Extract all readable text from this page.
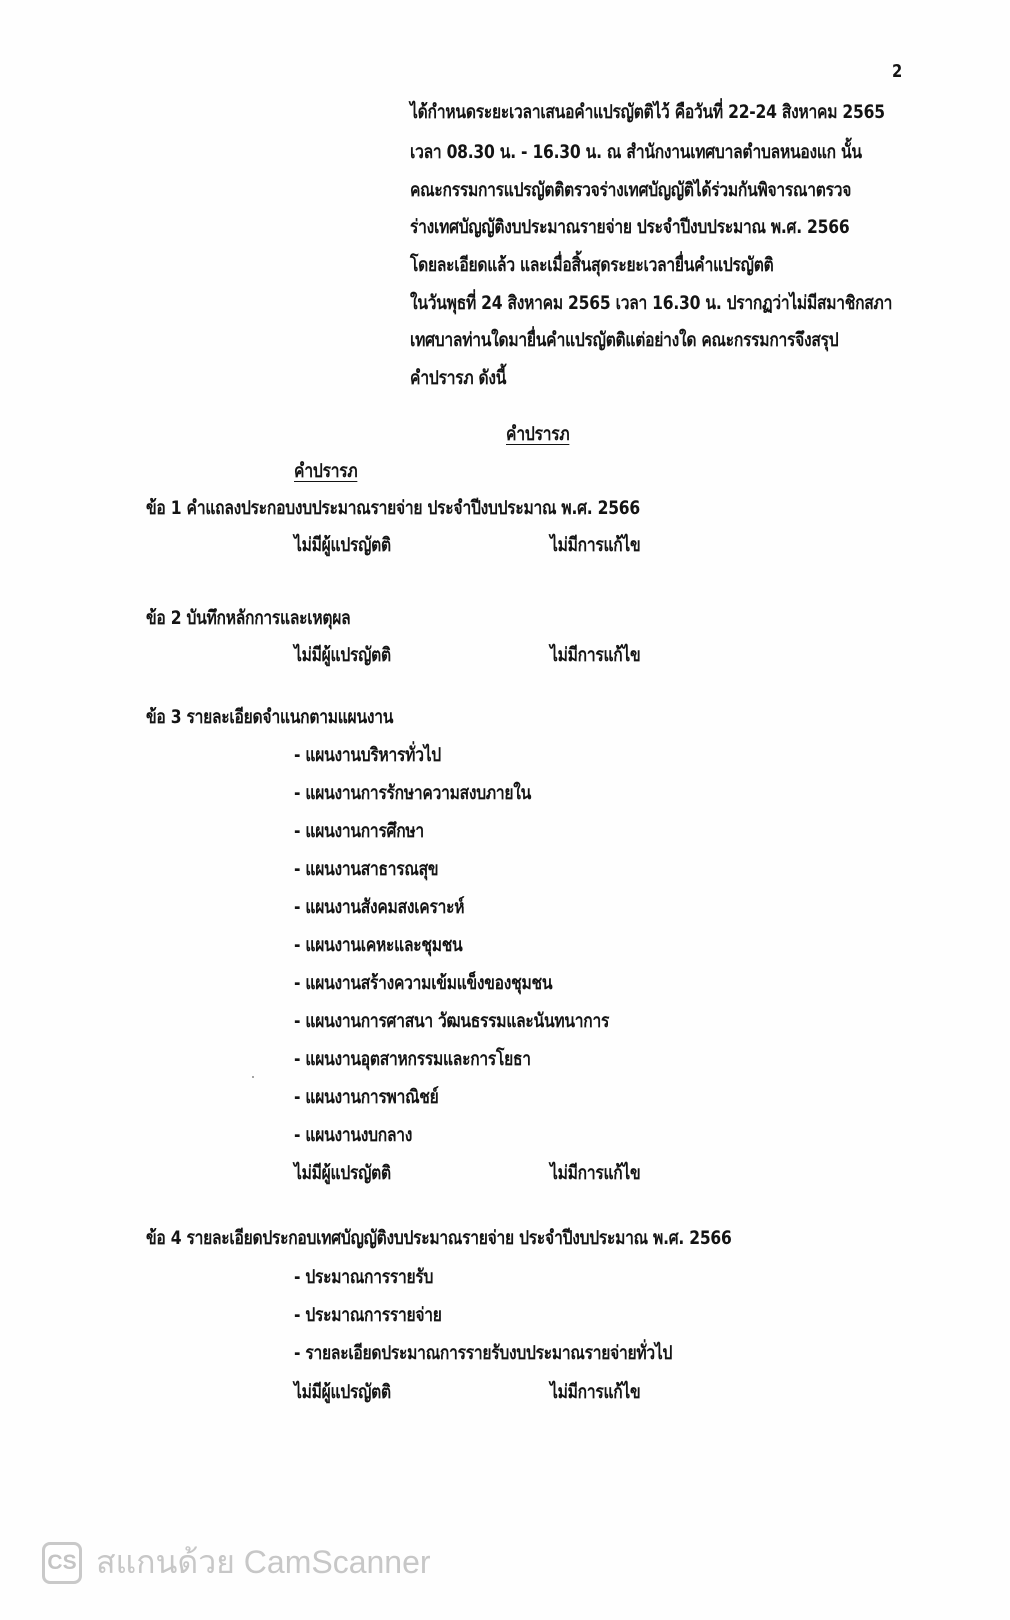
2
ได้กำหนดระยะเวลาเสนอคำแปรญัตติไว้ คือวันที่ 22-24 สิงหาคม 2565
เวลา 08.30 น. - 16.30 น. ณ สำนักงานเทศบาลตำบลหนองแก นั้น
คณะกรรมการแปรญัตติตรวจร่างเทศบัญญัติได้ร่วมกันพิจารณาตรวจ
ร่างเทศบัญญัติงบประมาณรายจ่าย ประจำปีงบประมาณ พ.ศ. 2566
โดยละเอียดแล้ว และเมื่อสิ้นสุดระยะเวลายื่นคำแปรญัตติ
ในวันพุธที่ 24 สิงหาคม 2565 เวลา 16.30 น. ปรากฏว่าไม่มีสมาชิกสภา
เทศบาลท่านใดมายื่นคำแปรญัตติแต่อย่างใด คณะกรรมการจึงสรุป
คำปรารภ ดังนี้
คำปรารภ
คำปรารภ
ข้อ 1 คำแถลงประกอบงบประมาณรายจ่าย ประจำปีงบประมาณ พ.ศ. 2566
ไม่มีผู้แปรญัตติ	ไม่มีการแก้ไข
ข้อ 2 บันทึกหลักการและเหตุผล
ไม่มีผู้แปรญัตติ	ไม่มีการแก้ไข
ข้อ 3 รายละเอียดจำแนกตามแผนงาน
- แผนงานบริหารทั่วไป
- แผนงานการรักษาความสงบภายใน
- แผนงานการศึกษา
- แผนงานสาธารณสุข
- แผนงานสังคมสงเคราะห์
- แผนงานเคหะและชุมชน
- แผนงานสร้างความเข้มแข็งของชุมชน
- แผนงานการศาสนา วัฒนธรรมและนันทนาการ
- แผนงานอุตสาหกรรมและการโยธา
- แผนงานการพาณิชย์
- แผนงานงบกลาง
ไม่มีผู้แปรญัตติ	ไม่มีการแก้ไข
ข้อ 4 รายละเอียดประกอบเทศบัญญัติงบประมาณรายจ่าย ประจำปีงบประมาณ พ.ศ. 2566
- ประมาณการรายรับ
- ประมาณการรายจ่าย
- รายละเอียดประมาณการรายรับงบประมาณรายจ่ายทั่วไป
ไม่มีผู้แปรญัตติ	ไม่มีการแก้ไข
CS สแกนด้วย CamScanner
